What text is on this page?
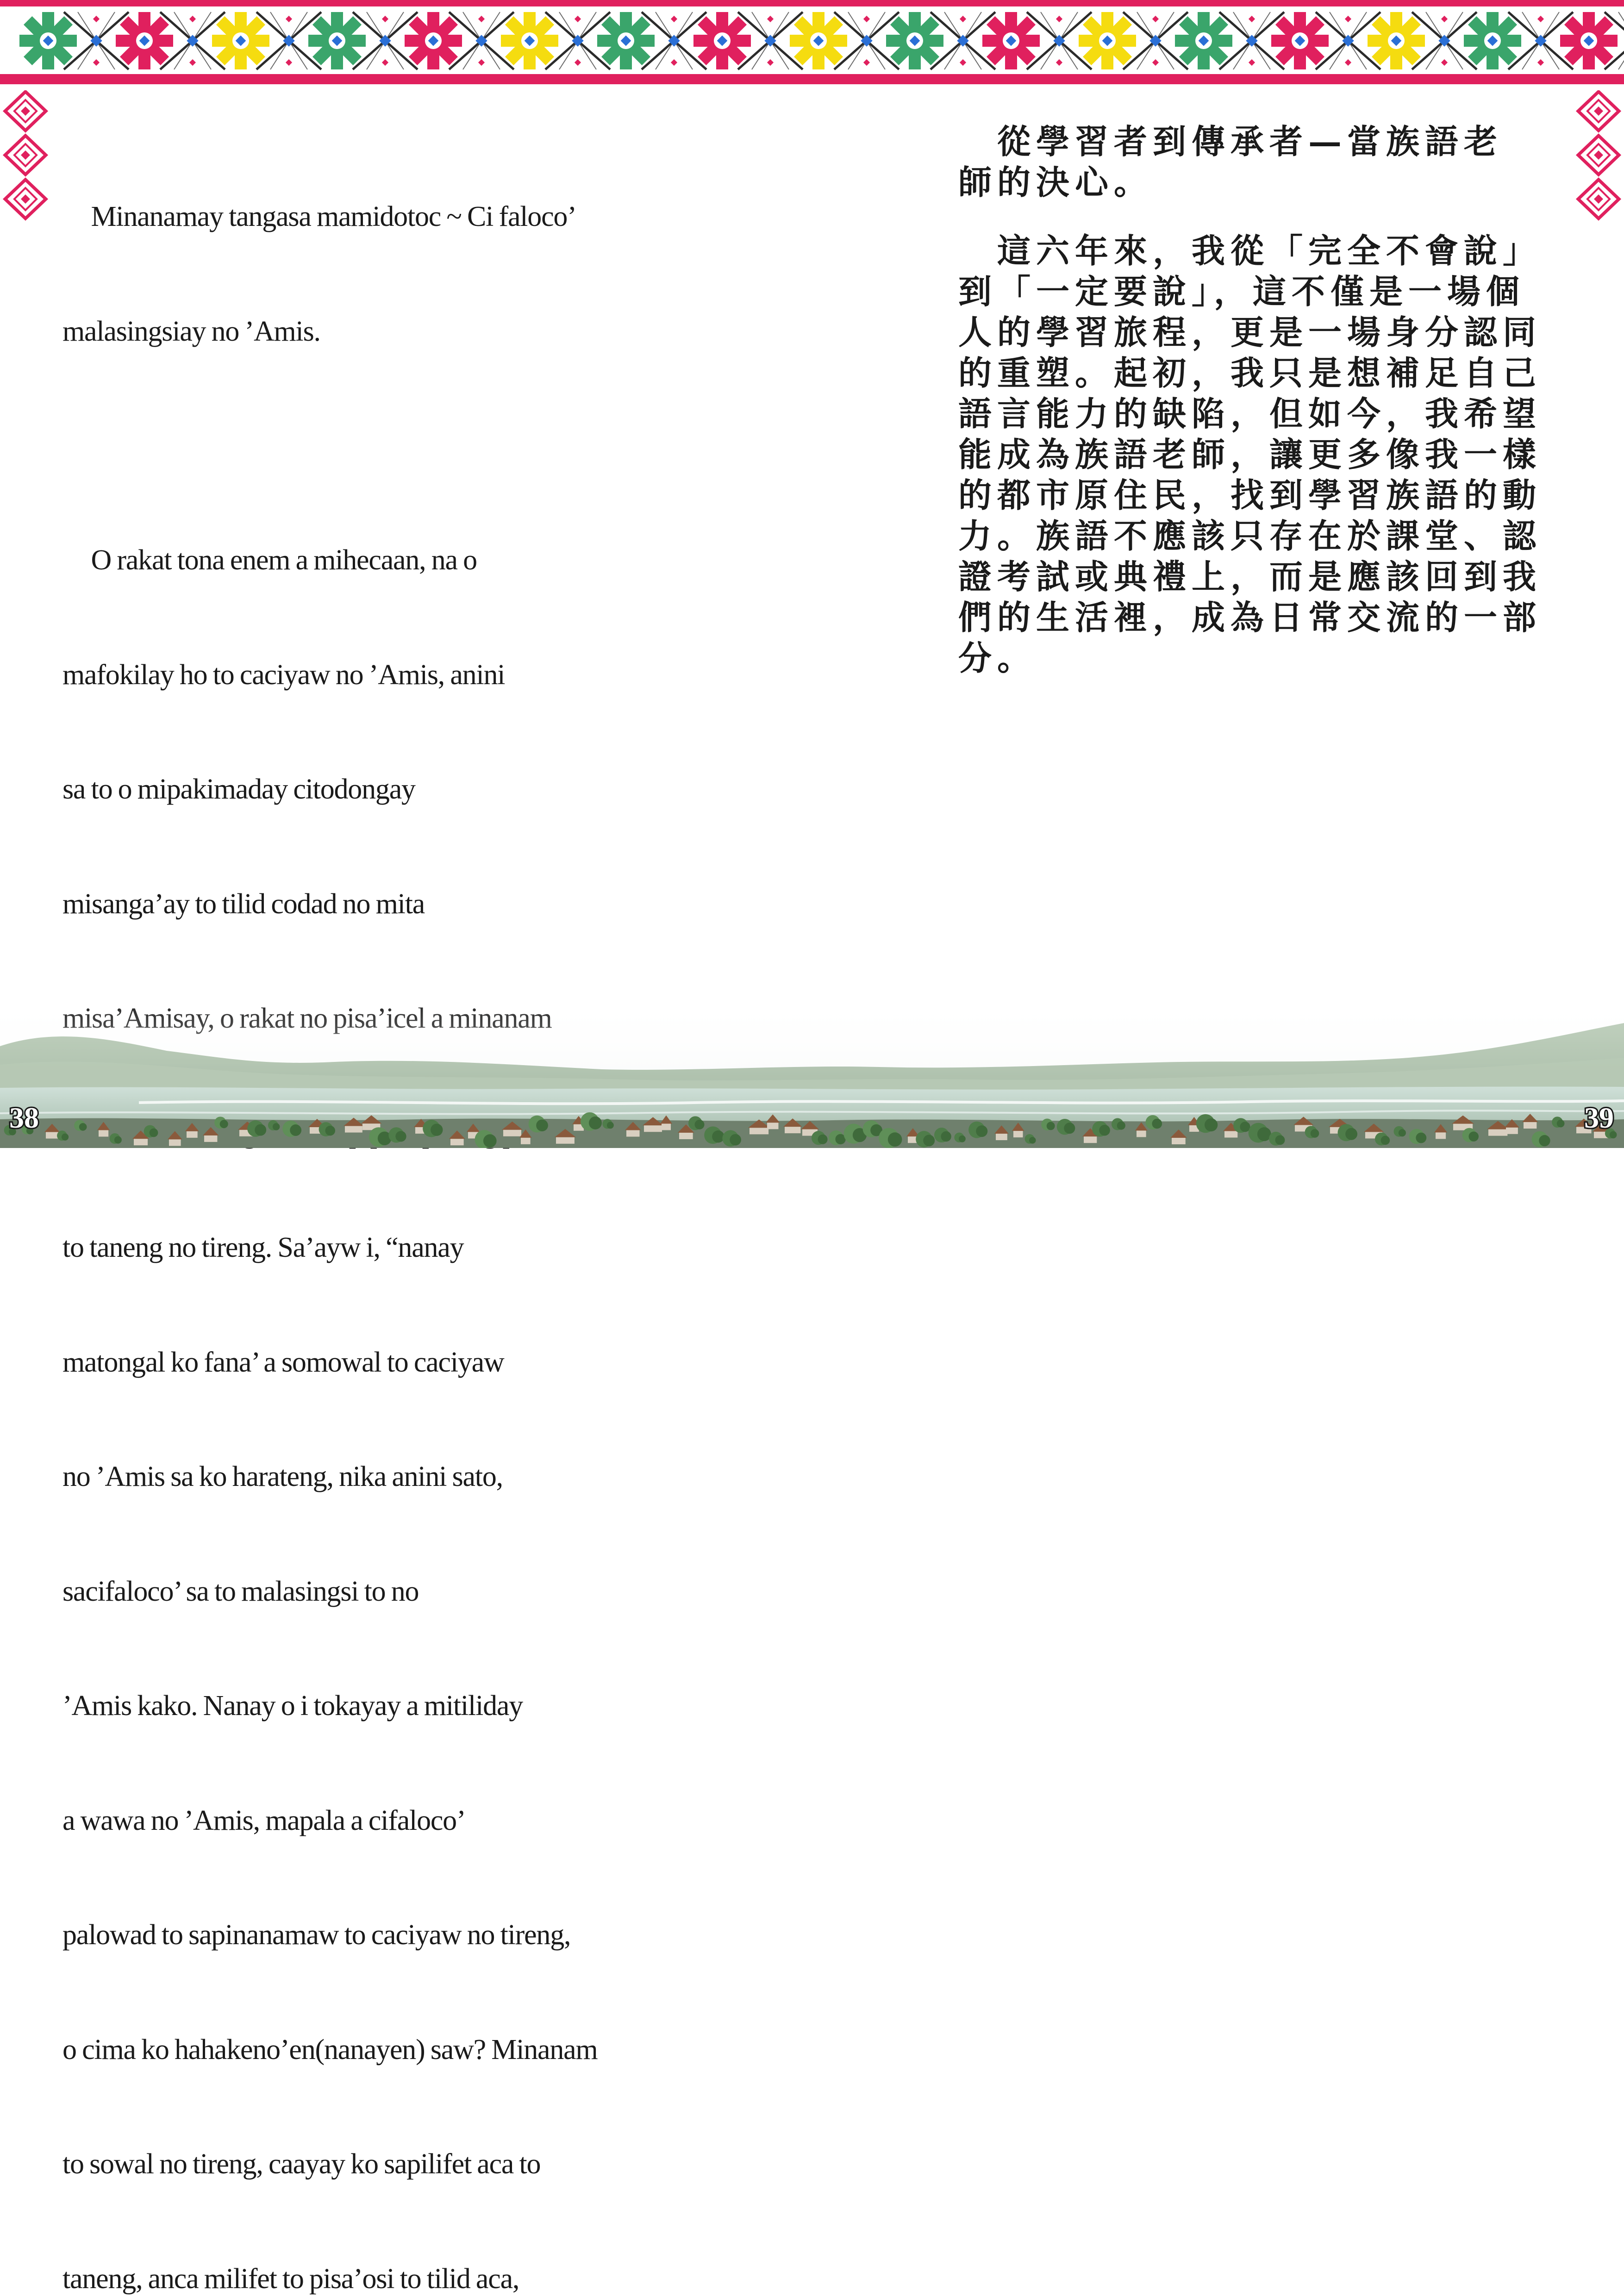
Minanamay tangasa mamidotoc ~ Ci faloco’

malasingsiay no ’Amis.

O rakat tona enem a mihecaan, na o

mafokilay ho to caciyaw no ’Amis, anini

sa to o mipakimaday citodongay

misanga’ay to tilid codad no mita

to taneng no tireng. Sa’ayw i, “nanay

matongal ko fana’ a somowal to caciyaw

no ’Amis sa ko harateng, nika anini sato,

sacifaloco’ sa to malasingsi to no

’Amis kako. Nanay o i tokayay a mitiliday

a wawa no ’Amis, mapala a cifaloco’

palowad to sapinanamaw to caciyaw no tireng,

o cima ko hahakeno’en(nanayen) saw? Minanam

to sowal no tireng, caayay ko sapilifet aca to

taneng, anca milifet to pisa’osi to tilid aca,

　從學習者到傳承者—當族語老
師的決心。
　這六年來，我從「完全不會說」
到「一定要說」，這不僅是一場個
人的學習旅程，更是一場身分認同
的重塑。起初，我只是想補足自己
語言能力的缺陷，但如今，我希望
能成為族語老師，讓更多像我一樣
的都市原住民，找到學習族語的動
力。族語不應該只存在於課堂、認
證考試或典禮上，而是應該回到我
們的生活裡，成為日常交流的一部
分。
38	39
